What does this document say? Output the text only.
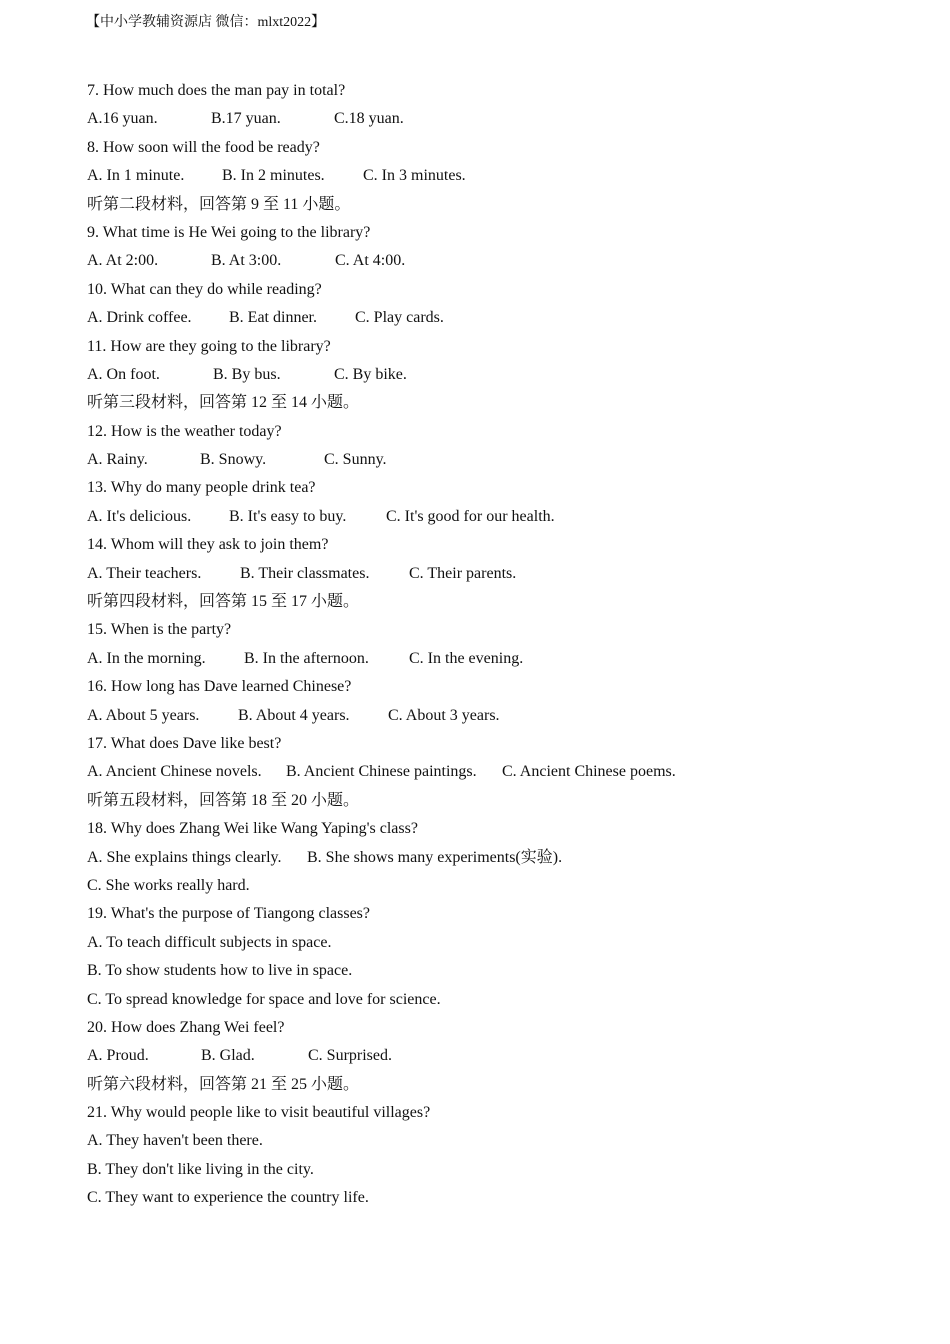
【中小学教辅资源店 微信：mlxt2022】
7. How much does the man pay in total?
A.16 yuan.	B.17 yuan.	C.18 yuan.
8. How soon will the food be ready?
A. In 1 minute. B. In 2 minutes. C. In 3 minutes.
听第二段材料，回答第 9 至 11 小题。
9. What time is He Wei going to the library?
A. At 2:00.	B. At 3:00.	C. At 4:00.
10. What can they do while reading?
A. Drink coffee. B. Eat dinner. C. Play cards.
11. How are they going to the library?
A. On foot.	B. By bus.	C. By bike.
听第三段材料，回答第 12 至 14 小题。
12. How is the weather today?
A. Rainy.	B. Snowy.	C. Sunny.
13. Why do many people drink tea?
A. It's delicious. B. It's easy to buy. C. It's good for our health.
14. Whom will they ask to join them?
A. Their teachers. B. Their classmates. C. Their parents.
听第四段材料，回答第 15 至 17 小题。
15. When is the party?
A. In the morning. B. In the afternoon.	C. In the evening.
16. How long has Dave learned Chinese?
A. About 5 years. B. About 4 years. C. About 3 years.
17. What does Dave like best?
A. Ancient Chinese novels. B. Ancient Chinese paintings. C. Ancient Chinese poems.
听第五段材料，回答第 18 至 20 小题。
18. Why does Zhang Wei like Wang Yaping's class?
A. She explains things clearly. B. She shows many experiments(实验).
C. She works really hard.
19. What's the purpose of Tiangong classes?
A. To teach difficult subjects in space.
B. To show students how to live in space.
C. To spread knowledge for space and love for science.
20. How does Zhang Wei feel?
A. Proud.	B. Glad.	C. Surprised.
听第六段材料，回答第 21 至 25 小题。
21. Why would people like to visit beautiful villages?
A. They haven't been there.
B. They don't like living in the city.
C. They want to experience the country life.
